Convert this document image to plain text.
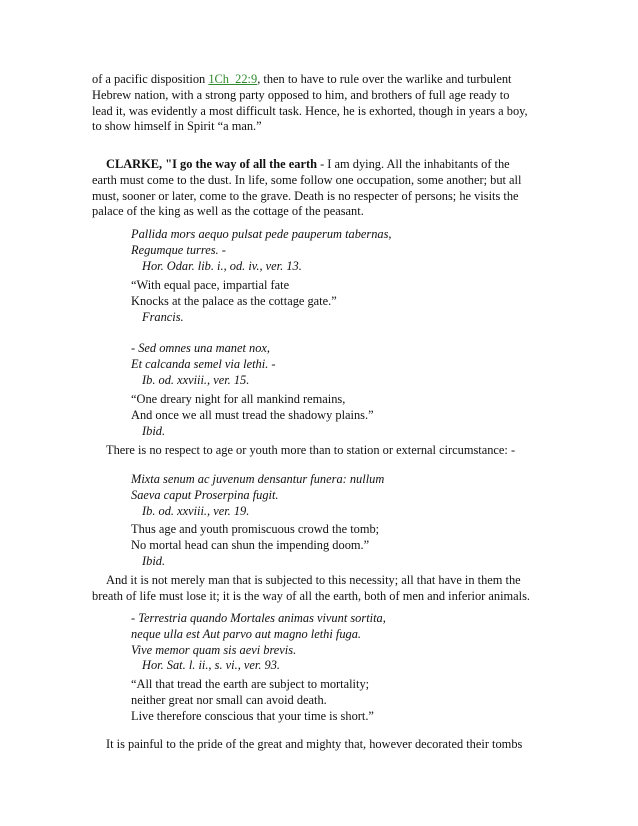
of a pacific disposition 1Ch_22:9, then to have to rule over the warlike and turbulent
Hebrew nation, with a strong party opposed to him, and brothers of full age ready to
lead it, was evidently a most difficult task. Hence, he is exhorted, though in years a boy,
to show himself in Spirit “a man.”

CLARKE, "I go the way of all the earth - I am dying. All the inhabitants of the
earth must come to the dust. In life, some follow one occupation, some another; but all
must, sooner or later, come to the grave. Death is no respecter of persons; he visits the
palace of the king as well as the cottage of the peasant.

Pallida mors aequo pulsat pede pauperum tabernas,
Regumque turres. -
Hor. Odar. lib. i., od. iv., ver. 13.
“With equal pace, impartial fate
Knocks at the palace as the cottage gate.”
Francis.
- Sed omnes una manet nox,
Et calcanda semel via lethi. -
Ib. od. xxviii., ver. 15.
“One dreary night for all mankind remains,
And once we all must tread the shadowy plains.”
Ibid.

There is no respect to age or youth more than to station or external circumstance: -

Mixta senum ac juvenum densantur funera: nullum
Saeva caput Proserpina fugit.
Ib. od. xxviii., ver. 19.
Thus age and youth promiscuous crowd the tomb;
No mortal head can shun the impending doom.”
Ibid.

And it is not merely man that is subjected to this necessity; all that have in them the
breath of life must lose it; it is the way of all the earth, both of men and inferior animals.

- Terrestria quando Mortales animas vivunt sortita,
neque ulla est Aut parvo aut magno lethi fuga.
Vive memor quam sis aevi brevis.
Hor. Sat. l. ii., s. vi., ver. 93.
“All that tread the earth are subject to mortality;
neither great nor small can avoid death.
Live therefore conscious that your time is short.”

It is painful to the pride of the great and mighty that, however decorated their tombs
